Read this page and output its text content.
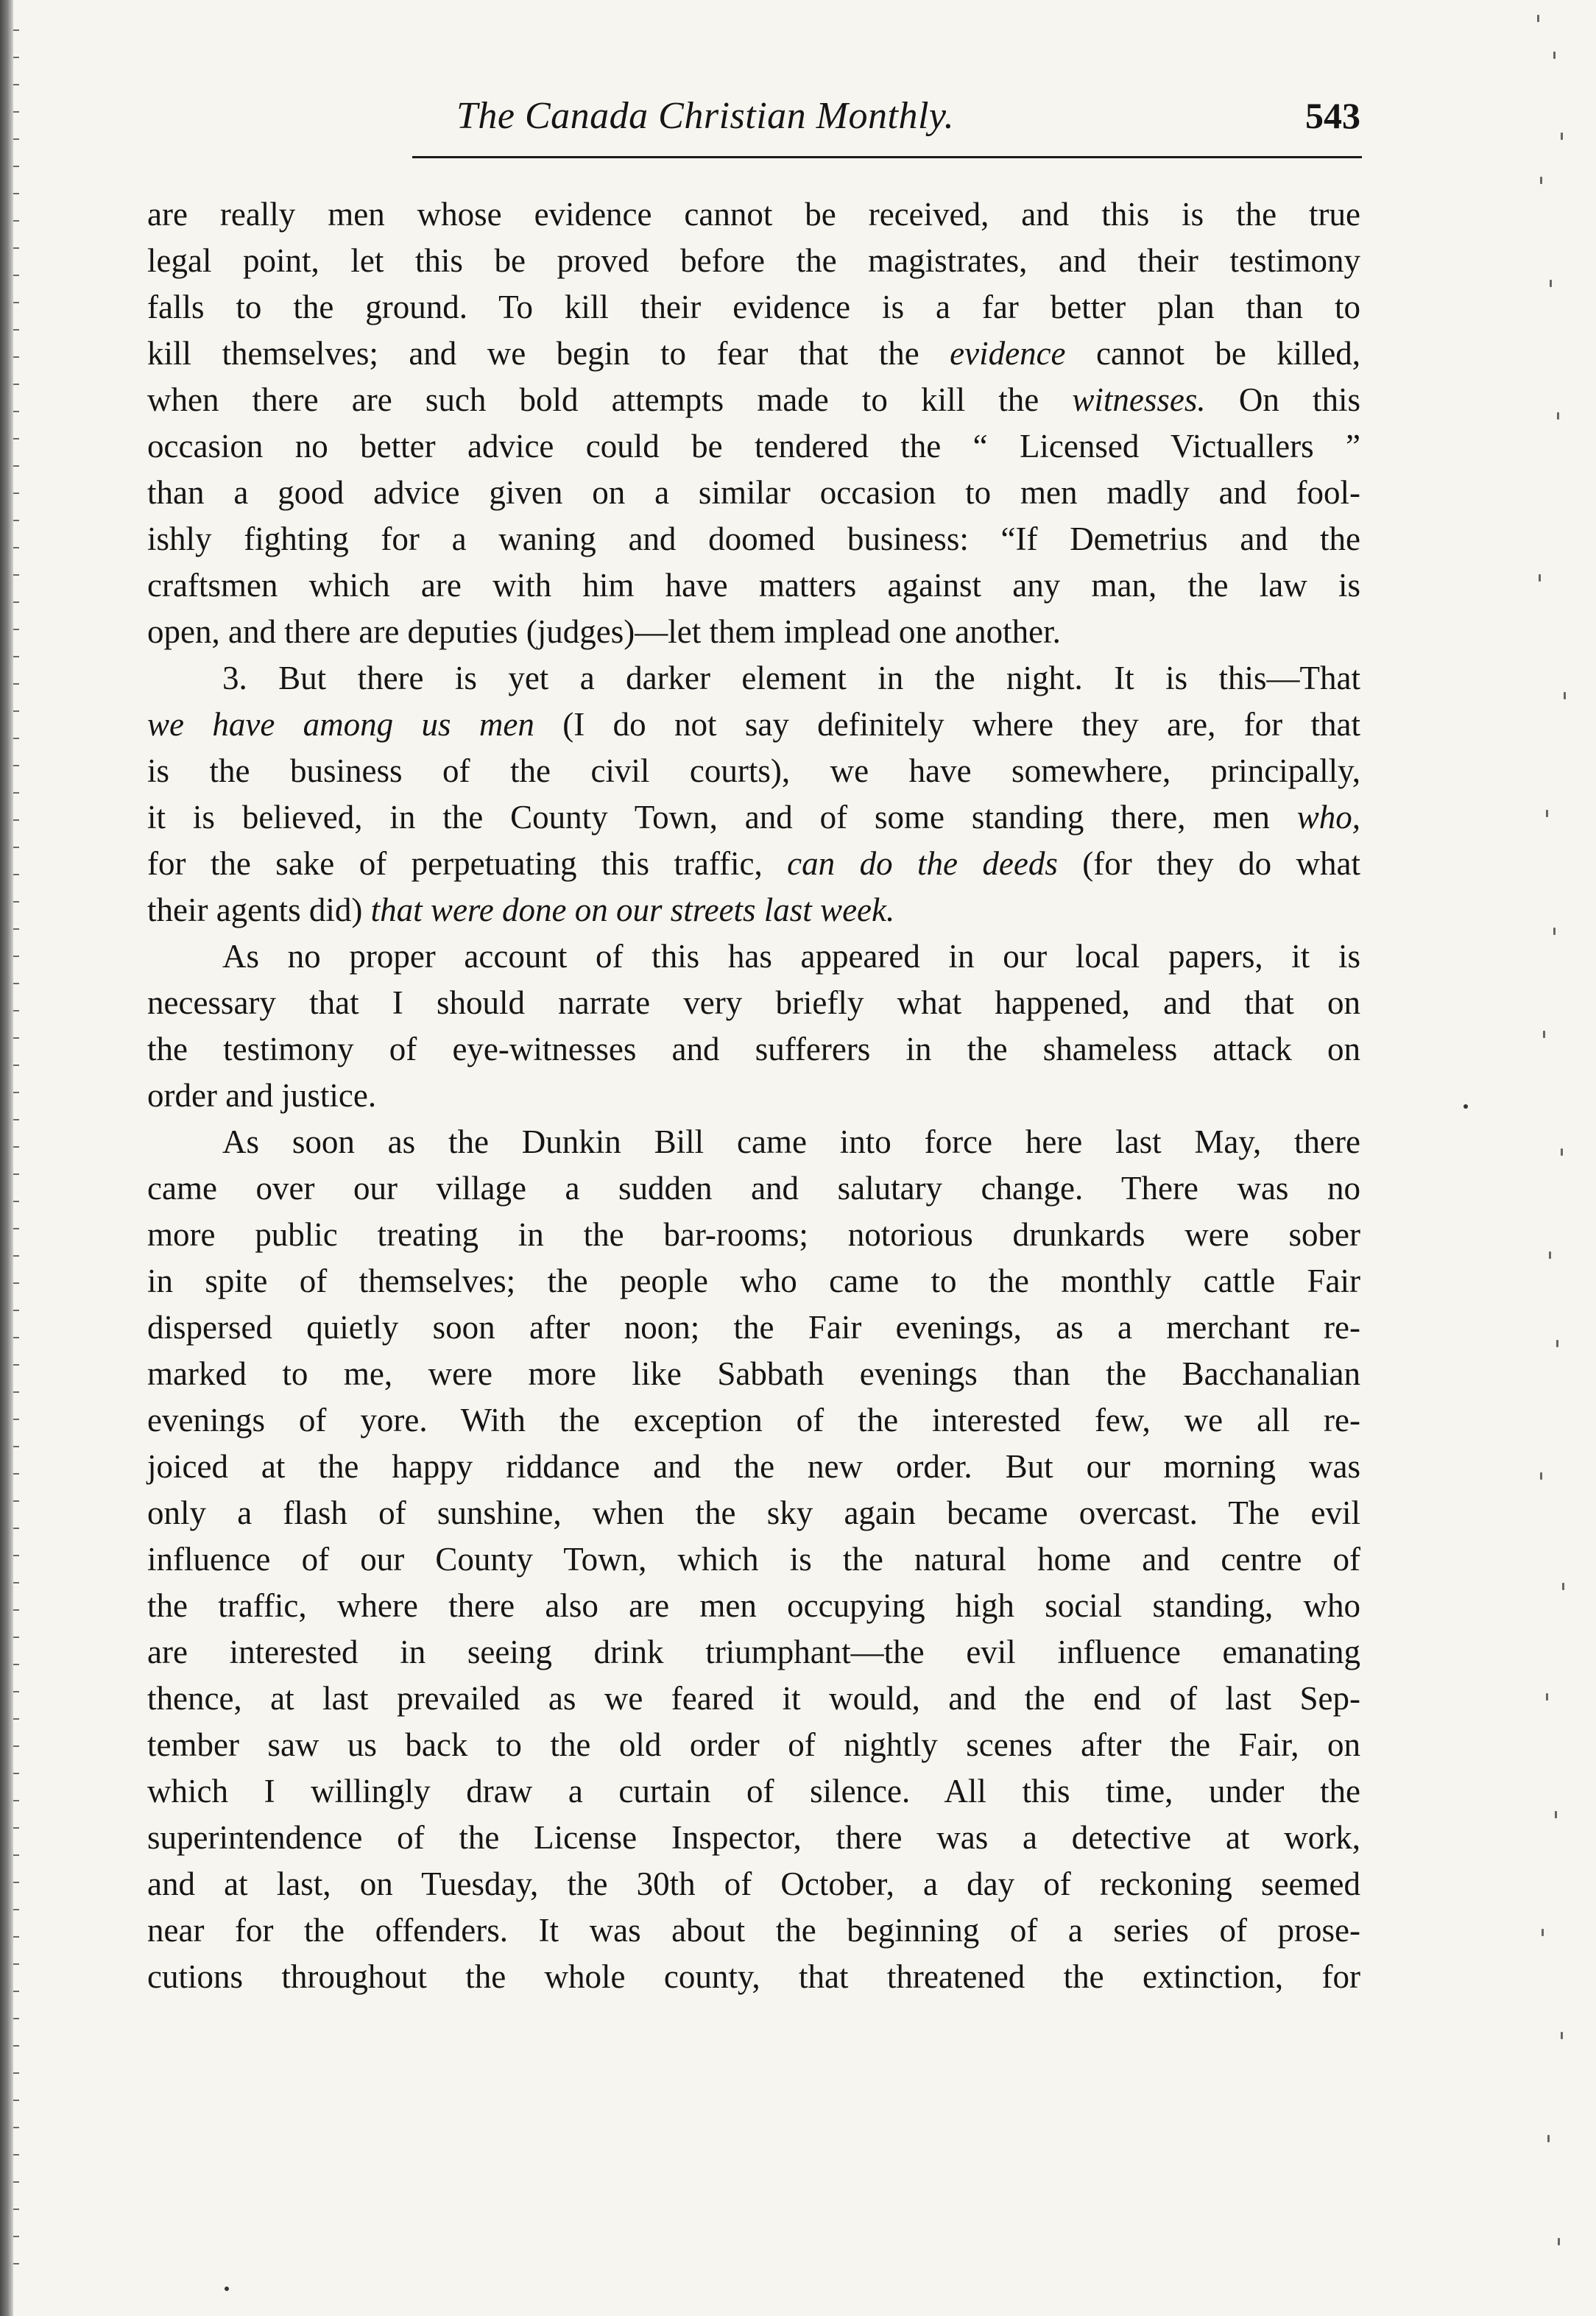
The Canada Christian Monthly.	543
are really men whose evidence cannot be received, and this is the true
legal point, let this be proved before the magistrates, and their testimony
falls to the ground. To kill their evidence is a far better plan than to
kill themselves; and we begin to fear that the evidence cannot be killed,
when there are such bold attempts made to kill the witnesses. On this
occasion no better advice could be tendered the “ Licensed Victuallers ”
than a good advice given on a similar occasion to men madly and fool-
ishly fighting for a waning and doomed business: “If Demetrius and the
craftsmen which are with him have matters against any man, the law is
open, and there are deputies (judges)—let them implead one another.
3. But there is yet a darker element in the night. It is this—That
we have among us men (I do not say definitely where they are, for that
is the business of the civil courts), we have somewhere, principally,
it is believed, in the County Town, and of some standing there, men who,
for the sake of perpetuating this traffic, can do the deeds (for they do what
their agents did) that were done on our streets last week.
As no proper account of this has appeared in our local papers, it is
necessary that I should narrate very briefly what happened, and that on
the testimony of eye-witnesses and sufferers in the shameless attack on
order and justice.
As soon as the Dunkin Bill came into force here last May, there
came over our village a sudden and salutary change. There was no
more public treating in the bar-rooms; notorious drunkards were sober
in spite of themselves; the people who came to the monthly cattle Fair
dispersed quietly soon after noon; the Fair evenings, as a merchant re-
marked to me, were more like Sabbath evenings than the Bacchanalian
evenings of yore. With the exception of the interested few, we all re-
joiced at the happy riddance and the new order. But our morning was
only a flash of sunshine, when the sky again became overcast. The evil
influence of our County Town, which is the natural home and centre of
the traffic, where there also are men occupying high social standing, who
are interested in seeing drink triumphant—the evil influence emanating
thence, at last prevailed as we feared it would, and the end of last Sep-
tember saw us back to the old order of nightly scenes after the Fair, on
which I willingly draw a curtain of silence. All this time, under the
superintendence of the License Inspector, there was a detective at work,
and at last, on Tuesday, the 30th of October, a day of reckoning seemed
near for the offenders. It was about the beginning of a series of prose-
cutions throughout the whole county, that threatened the extinction, for
